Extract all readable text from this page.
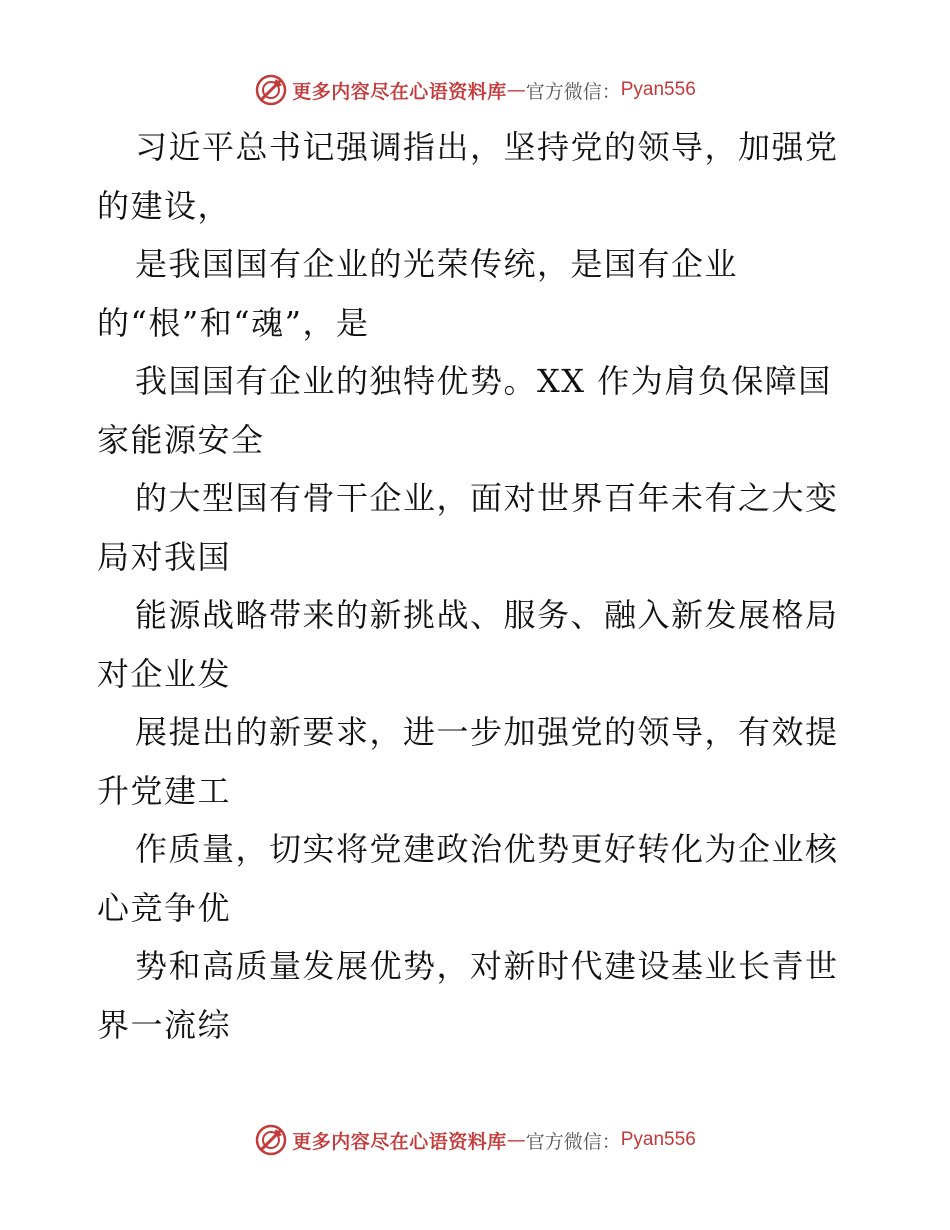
更多内容尽在心语资料库 — 官方微信： Pyan556
习近平总书记强调指出，坚持党的领导，加强党
的建设，
是我国国有企业的光荣传统，是国有企业
的“根”和“魂”，是
我国国有企业的独特优势。XX 作为肩负保障国
家能源安全
的大型国有骨干企业，面对世界百年未有之大变
局对我国
能源战略带来的新挑战、服务、融入新发展格局
对企业发
展提出的新要求，进一步加强党的领导，有效提
升党建工
作质量，切实将党建政治优势更好转化为企业核
心竞争优
势和高质量发展优势，对新时代建设基业长青世
界一流综
更多内容尽在心语资料库 — 官方微信： Pyan556
